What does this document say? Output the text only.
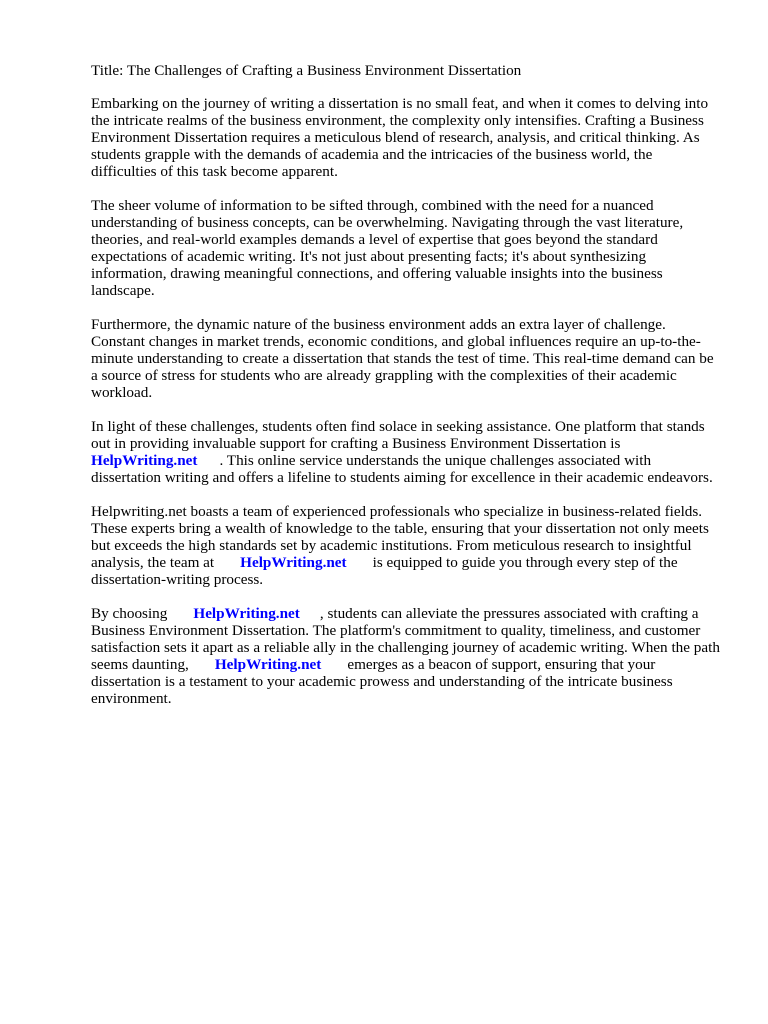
Title: The Challenges of Crafting a Business Environment Dissertation

Embarking on the journey of writing a dissertation is no small feat, and when it comes to delving into the intricate realms of the business environment, the complexity only intensifies. Crafting a Business Environment Dissertation requires a meticulous blend of research, analysis, and critical thinking. As students grapple with the demands of academia and the intricacies of the business world, the difficulties of this task become apparent.

The sheer volume of information to be sifted through, combined with the need for a nuanced understanding of business concepts, can be overwhelming. Navigating through the vast literature, theories, and real-world examples demands a level of expertise that goes beyond the standard expectations of academic writing. It's not just about presenting facts; it's about synthesizing information, drawing meaningful connections, and offering valuable insights into the business landscape.

Furthermore, the dynamic nature of the business environment adds an extra layer of challenge. Constant changes in market trends, economic conditions, and global influences require an up-to-the-minute understanding to create a dissertation that stands the test of time. This real-time demand can be a source of stress for students who are already grappling with the complexities of their academic workload.

In light of these challenges, students often find solace in seeking assistance. One platform that stands out in providing invaluable support for crafting a Business Environment Dissertation is
HelpWriting.net . This online service understands the unique challenges associated with dissertation writing and offers a lifeline to students aiming for excellence in their academic endeavors.

Helpwriting.net boasts a team of experienced professionals who specialize in business-related fields. These experts bring a wealth of knowledge to the table, ensuring that your dissertation not only meets but exceeds the high standards set by academic institutions. From meticulous research to insightful analysis, the team at HelpWriting.net is equipped to guide you through every step of the dissertation-writing process.

By choosing HelpWriting.net , students can alleviate the pressures associated with crafting a Business Environment Dissertation. The platform's commitment to quality, timeliness, and customer satisfaction sets it apart as a reliable ally in the challenging journey of academic writing. When the path seems daunting, HelpWriting.net emerges as a beacon of support, ensuring that your dissertation is a testament to your academic prowess and understanding of the intricate business environment.
